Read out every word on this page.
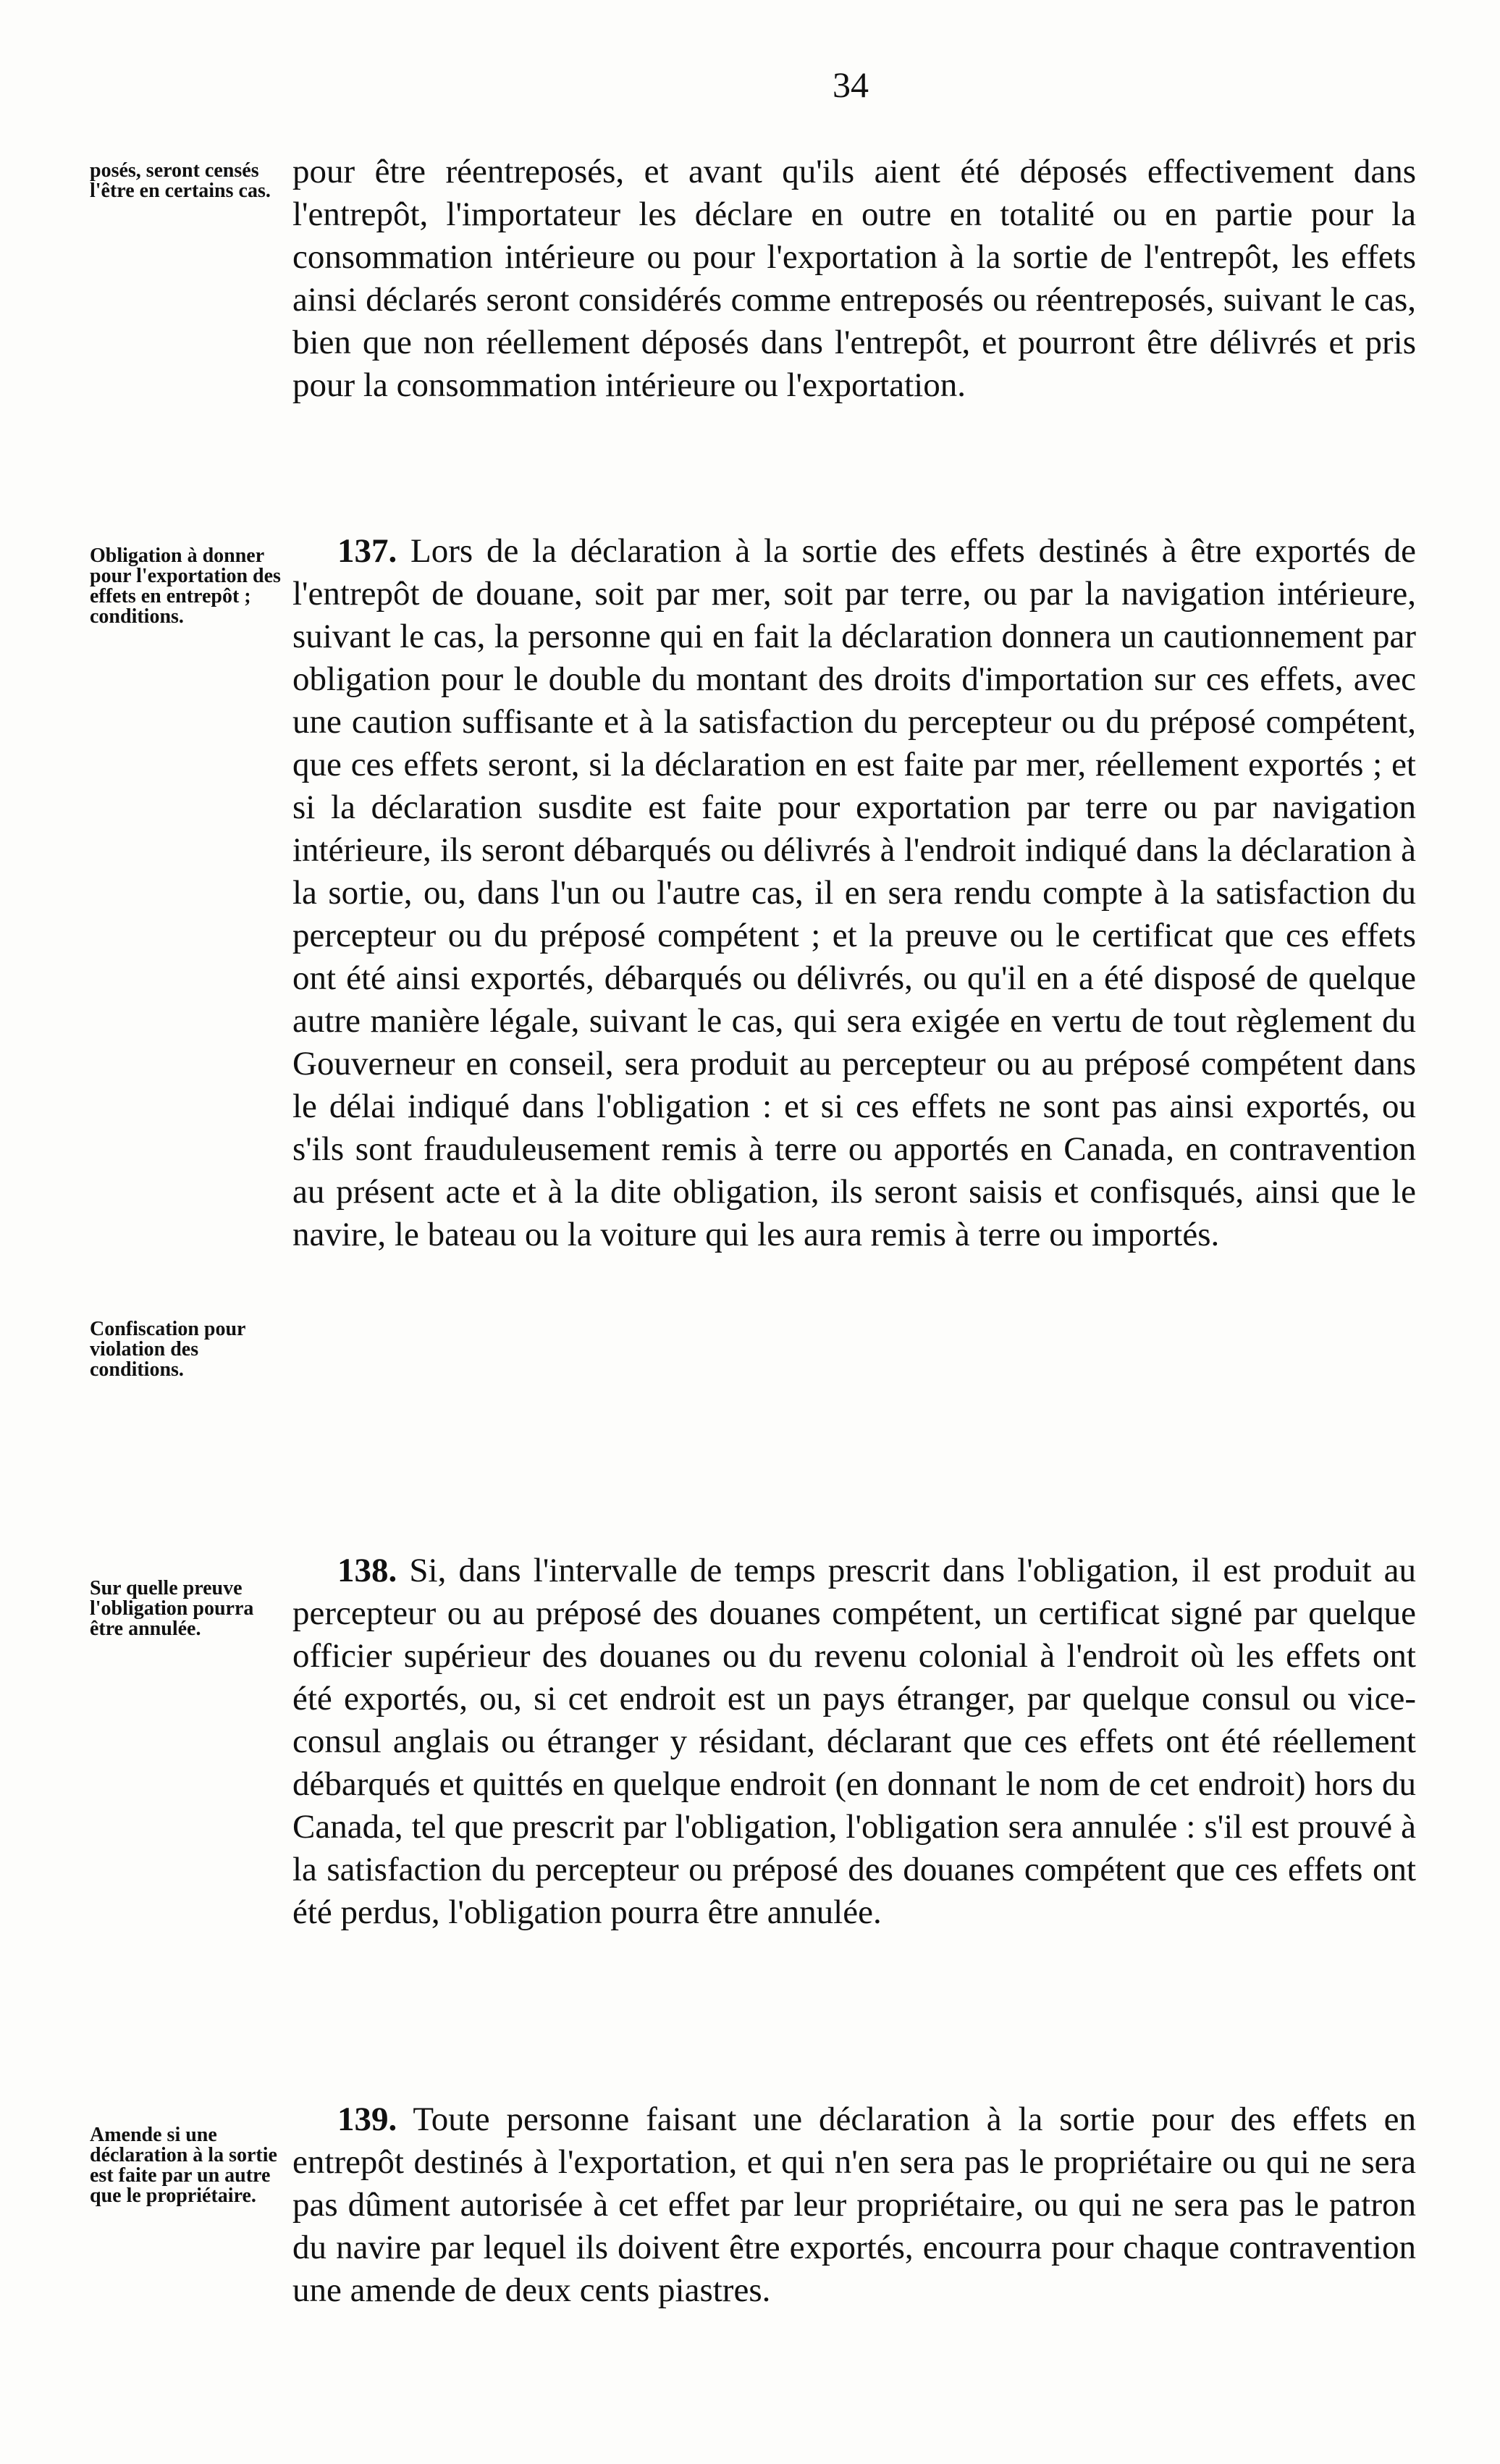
34

posés, seront censés l'être en certains cas.

pour être réentreposés, et avant qu'ils aient été déposés effectivement dans l'entrepôt, l'importateur les déclare en outre en totalité ou en partie pour la consommation intérieure ou pour l'exportation à la sortie de l'entrepôt, les effets ainsi déclarés seront considérés comme entreposés ou réentreposés, suivant le cas, bien que non réellement déposés dans l'entrepôt, et pourront être délivrés et pris pour la consommation intérieure ou l'exportation.

Obligation à donner pour l'exportation des effets en entrepôt ; conditions.

Confiscation pour violation des conditions.

137. Lors de la déclaration à la sortie des effets destinés à être exportés de l'entrepôt de douane, soit par mer, soit par terre, ou par la navigation intérieure, suivant le cas, la personne qui en fait la déclaration donnera un cautionnement par obligation pour le double du montant des droits d'importation sur ces effets, avec une caution suffisante et à la satisfaction du percepteur ou du préposé compétent, que ces effets seront, si la déclaration en est faite par mer, réellement exportés ; et si la déclaration susdite est faite pour exportation par terre ou par navigation intérieure, ils seront débarqués ou délivrés à l'endroit indiqué dans la déclaration à la sortie, ou, dans l'un ou l'autre cas, il en sera rendu compte à la satisfaction du percepteur ou du préposé compétent ; et la preuve ou le certificat que ces effets ont été ainsi exportés, débarqués ou délivrés, ou qu'il en a été disposé de quelque autre manière légale, suivant le cas, qui sera exigée en vertu de tout règlement du Gouverneur en conseil, sera produit au percepteur ou au préposé compétent dans le délai indiqué dans l'obligation : et si ces effets ne sont pas ainsi exportés, ou s'ils sont frauduleusement remis à terre ou apportés en Canada, en contravention au présent acte et à la dite obligation, ils seront saisis et confisqués, ainsi que le navire, le bateau ou la voiture qui les aura remis à terre ou importés.

Sur quelle preuve l'obligation pourra être annulée.

138. Si, dans l'intervalle de temps prescrit dans l'obligation, il est produit au percepteur ou au préposé des douanes compétent, un certificat signé par quelque officier supérieur des douanes ou du revenu colonial à l'endroit où les effets ont été exportés, ou, si cet endroit est un pays étranger, par quelque consul ou vice-consul anglais ou étranger y résidant, déclarant que ces effets ont été réellement débarqués et quittés en quelque endroit (en donnant le nom de cet endroit) hors du Canada, tel que prescrit par l'obligation, l'obligation sera annulée : s'il est prouvé à la satisfaction du percepteur ou préposé des douanes compétent que ces effets ont été perdus, l'obligation pourra être annulée.

Amende si une déclaration à la sortie est faite par un autre que le propriétaire.

139. Toute personne faisant une déclaration à la sortie pour des effets en entrepôt destinés à l'exportation, et qui n'en sera pas le propriétaire ou qui ne sera pas dûment autorisée à cet effet par leur propriétaire, ou qui ne sera pas le patron du navire par lequel ils doivent être exportés, encourra pour chaque contravention une amende de deux cents piastres.
